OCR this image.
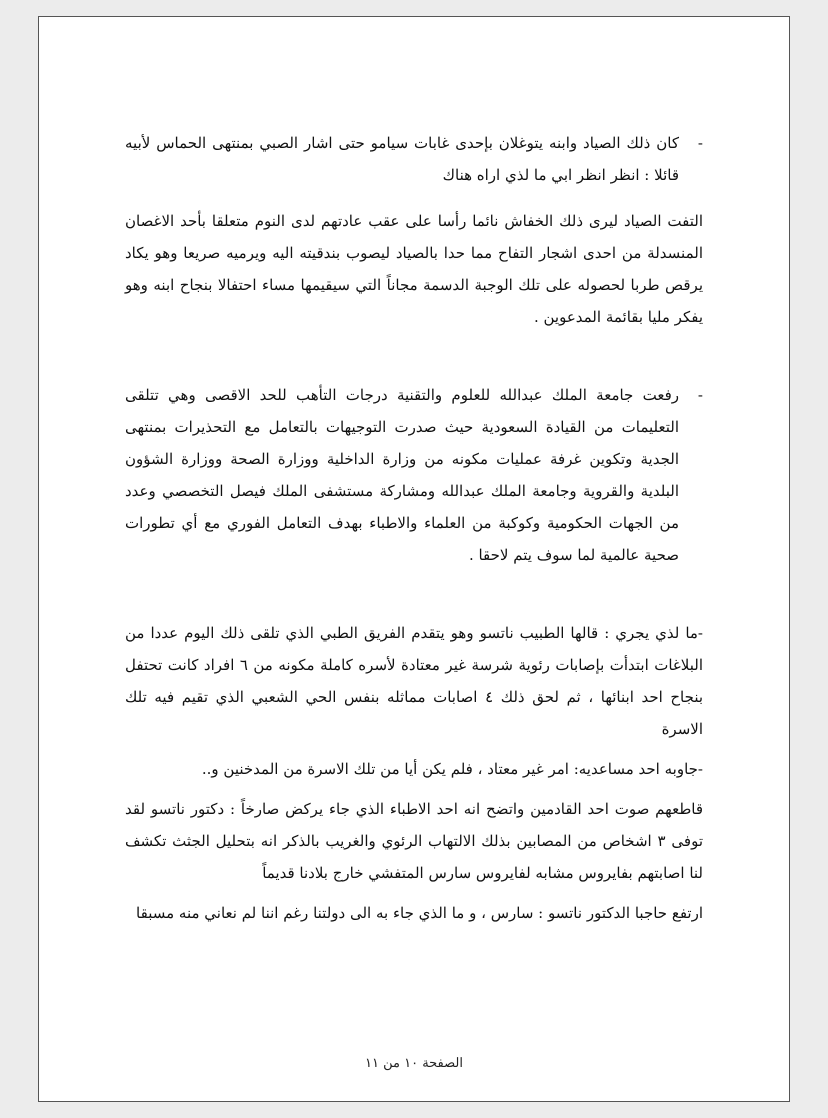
-
كان ذلك الصياد وابنه يتوغلان بإحدى غابات سيامو حتى اشار الصبي بمنتهى الحماس لأبيه قائلا : انظر انظر ابي ما لذي اراه هناك

التفت الصياد ليرى ذلك الخفاش نائما رأسا على عقب عادتهم لدى النوم متعلقا بأحد الاغصان المنسدلة من احدى اشجار التفاح مما حدا بالصياد ليصوب بندقيته اليه ويرميه صريعا وهو يكاد يرقص طربا لحصوله على تلك الوجبة الدسمة مجاناً التي سيقيمها مساء احتفالا بنجاح ابنه وهو يفكر مليا بقائمة المدعوين .

-
رفعت جامعة الملك عبدالله للعلوم والتقنية درجات التأهب للحد الاقصى وهي تتلقى التعليمات من القيادة السعودية حيث صدرت التوجيهات بالتعامل مع التحذيرات بمنتهى الجدية وتكوين غرفة عمليات مكونه من وزارة الداخلية ووزارة الصحة ووزارة الشؤون البلدية والقروية وجامعة الملك عبدالله ومشاركة مستشفى الملك فيصل التخصصي وعدد من الجهات الحكومية وكوكبة من العلماء والاطباء بهدف التعامل الفوري مع أي تطورات صحية عالمية لما سوف يتم لاحقا .

-ما لذي يجري : قالها الطبيب ناتسو وهو يتقدم الفريق الطبي الذي تلقى ذلك اليوم عددا من البلاغات ابتدأت بإصابات رئوية شرسة غير معتادة لأسره كاملة مكونه من ٦ افراد كانت تحتفل بنجاح احد ابنائها ، ثم لحق ذلك ٤ اصابات مماثله بنفس الحي الشعبي الذي تقيم فيه تلك الاسرة

-جاوبه احد مساعديه: امر غير معتاد ، فلم يكن أيا من تلك الاسرة من المدخنين و..

قاطعهم صوت احد القادمين واتضح انه احد الاطباء الذي جاء يركض صارخاً : دكتور ناتسو لقد توفى ٣ اشخاص من المصابين بذلك الالتهاب الرئوي والغريب بالذكر انه بتحليل الجثث تكشف لنا اصابتهم بفايروس مشابه لفايروس سارس المتفشي خارج بلادنا قديماً

ارتفع حاجبا الدكتور ناتسو : سارس ، و ما الذي جاء به الى دولتنا رغم اننا لم نعاني منه مسبقا

الصفحة ١٠ من ١١
